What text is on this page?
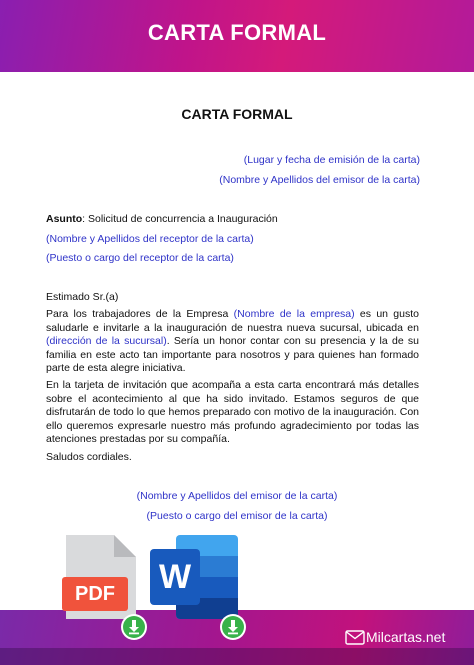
CARTA FORMAL
CARTA FORMAL
(Lugar y fecha de emisión de la carta)
(Nombre y Apellidos del emisor de la carta)
Asunto: Solicitud de concurrencia a Inauguración
(Nombre y Apellidos del receptor de la carta)
(Puesto o cargo del receptor de la carta)
Estimado Sr.(a)
Para los trabajadores de la Empresa (Nombre de la empresa) es un gusto saludarle e invitarle a la inauguración de nuestra nueva sucursal, ubicada en (dirección de la sucursal). Sería un honor contar con su presencia y la de su familia en este acto tan importante para nosotros y para quienes han formado parte de esta alegre iniciativa.
En la tarjeta de invitación que acompaña a esta carta encontrará más detalles sobre el acontecimiento al que ha sido invitado. Estamos seguros de que disfrutarán de todo lo que hemos preparado con motivo de la inauguración. Con ello queremos expresarle nuestro más profundo agradecimiento por todas las atenciones prestadas por su compañía.
Saludos cordiales.
(Nombre y Apellidos del emisor de la carta)
(Puesto o cargo del emisor de la carta)
PDF	W
Milcartas.net
